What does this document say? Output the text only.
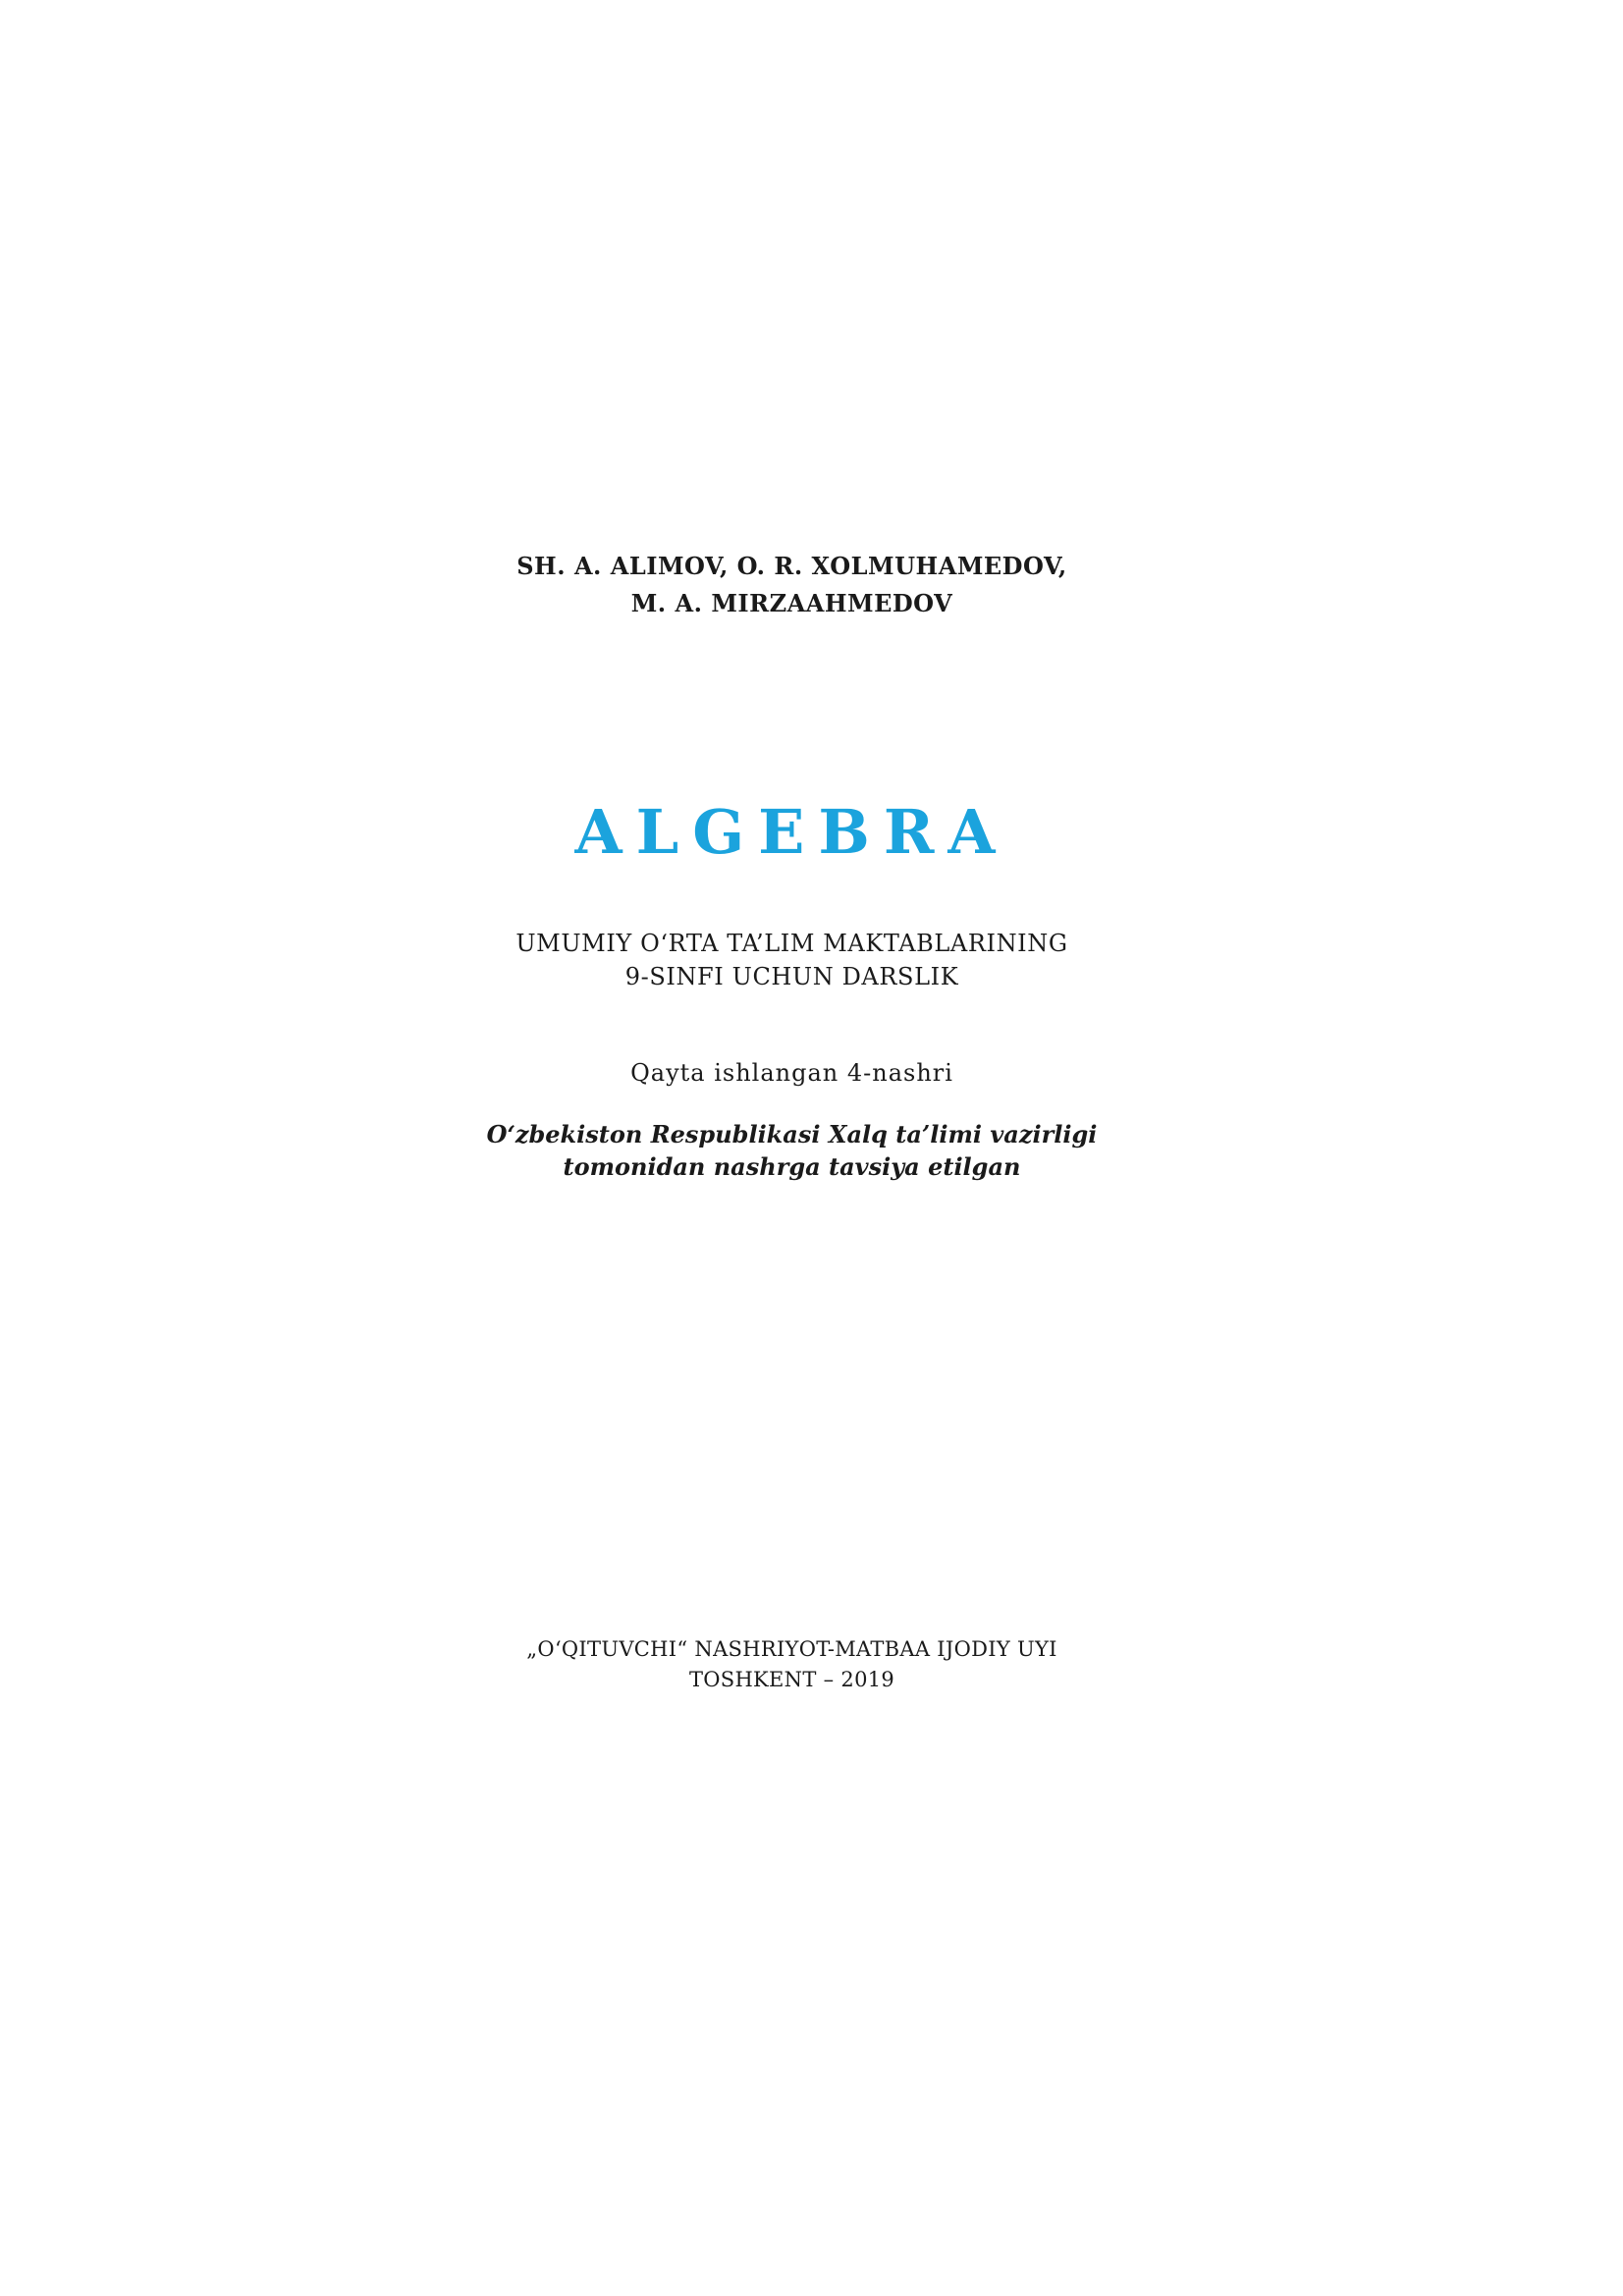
SH. A. ALIMOV, O. R. XOLMUHAMEDOV,
M. A. MIRZAAHMEDOV
ALGEBRA
UMUMIY O‘RTA TA’LIM MAKTABLARINING
9-SINFI UCHUN DARSLIK
Qayta ishlangan 4-nashri
O‘zbekiston Respublikasi Xalq ta’limi vazirligi
tomonidan nashrga tavsiya etilgan
„O‘QITUVCHI“ NASHRIYOT-MATBAA IJODIY UYI
TOSHKENT – 2019
